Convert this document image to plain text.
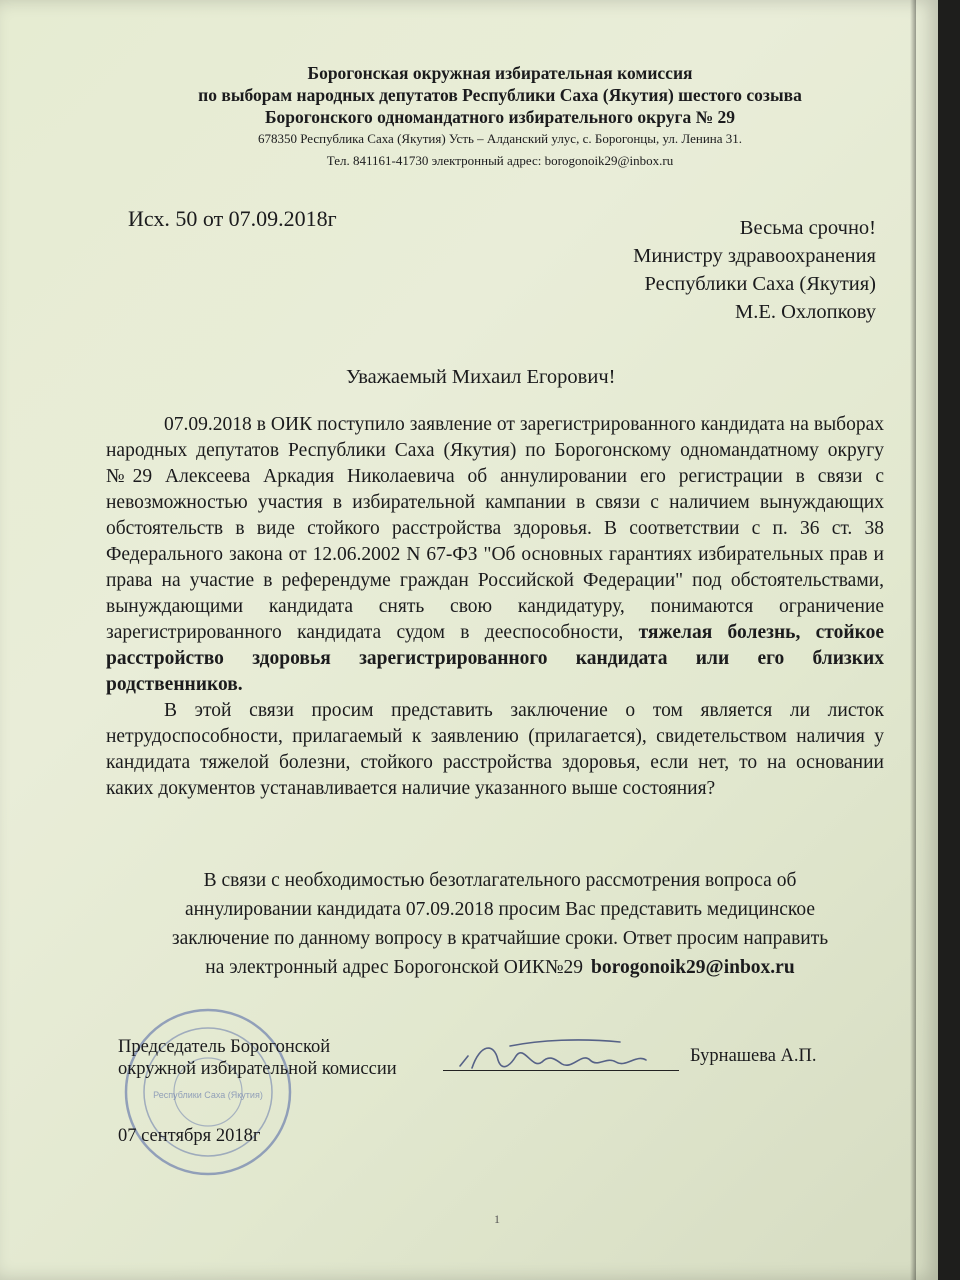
Борогонская окружная избирательная комиссия
по выборам народных депутатов Республики Саха (Якутия) шестого созыва
Борогонского одномандатного избирательного округа № 29
678350 Республика Саха (Якутия) Усть – Алданский улус, с. Борогонцы, ул. Ленина 31.
Тел. 841161-41730 электронный адрес: borogonoik29@inbox.ru
Исх. 50 от 07.09.2018г	Весьма срочно!
Министру здравоохранения
Республики Саха (Якутия)
М.Е. Охлопкову
Уважаемый Михаил Егорович!

07.09.2018 в ОИК поступило заявление от зарегистрированного кандидата на выборах народных депутатов Республики Саха (Якутия) по Борогонскому одномандатному округу №29 Алексеева Аркадия Николаевича об аннулировании его регистрации в связи с невозможностью участия в избирательной кампании в связи с наличием вынуждающих обстоятельств в виде стойкого расстройства здоровья. В соответствии с п. 36 ст. 38 Федерального закона от 12.06.2002 N 67-ФЗ "Об основных гарантиях избирательных прав и права на участие в референдуме граждан Российской Федерации" под обстоятельствами, вынуждающими кандидата снять свою кандидатуру, понимаются ограничение зарегистрированного кандидата судом в дееспособности, тяжелая болезнь, стойкое расстройство здоровья зарегистрированного кандидата или его близких родственников.

В этой связи просим представить заключение о том является ли листок нетрудоспособности, прилагаемый к заявлению (прилагается), свидетельством наличия у кандидата тяжелой болезни, стойкого расстройства здоровья, если нет, то на основании каких документов устанавливается наличие указанного выше состояния?

В связи с необходимостью безотлагательного рассмотрения вопроса об
аннулировании кандидата 07.09.2018 просим Вас представить медицинское
заключение по данному вопросу в кратчайшие сроки. Ответ просим направить
на электронный адрес Борогонской ОИК№29 borogonoik29@inbox.ru
Республики Саха (Якутия)
Председатель Борогонской
окружной избирательной комиссии
Бурнашева А.П.
07 сентября 2018г
1
